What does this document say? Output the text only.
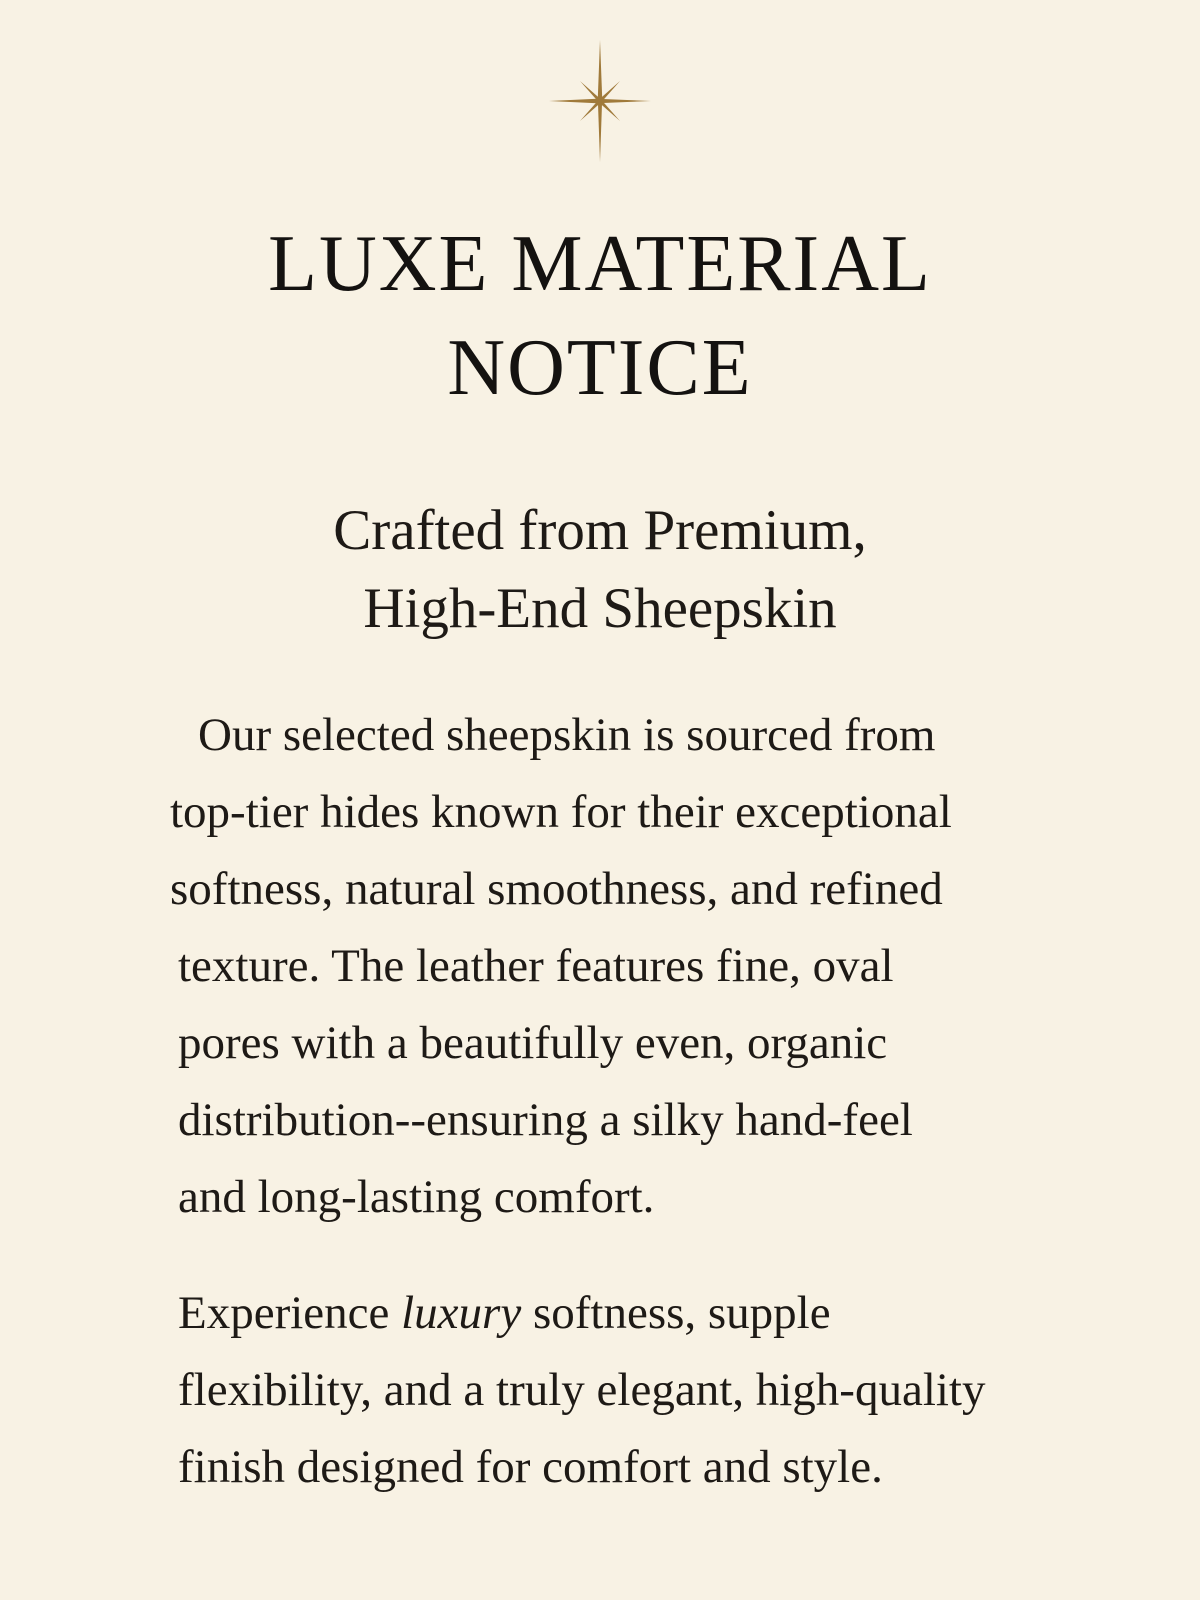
LUXE MATERIAL
NOTICE
Crafted from Premium,
High-End Sheepskin

Our selected sheepskin is sourced from
top-tier hides known for their exceptional
softness, natural smoothness, and refined
texture. The leather features fine, oval
pores with a beautifully even, organic
distribution--ensuring a silky hand-feel
and long-lasting comfort.

Experience luxury softness, supple
flexibility, and a truly elegant, high-quality
finish designed for comfort and style.
